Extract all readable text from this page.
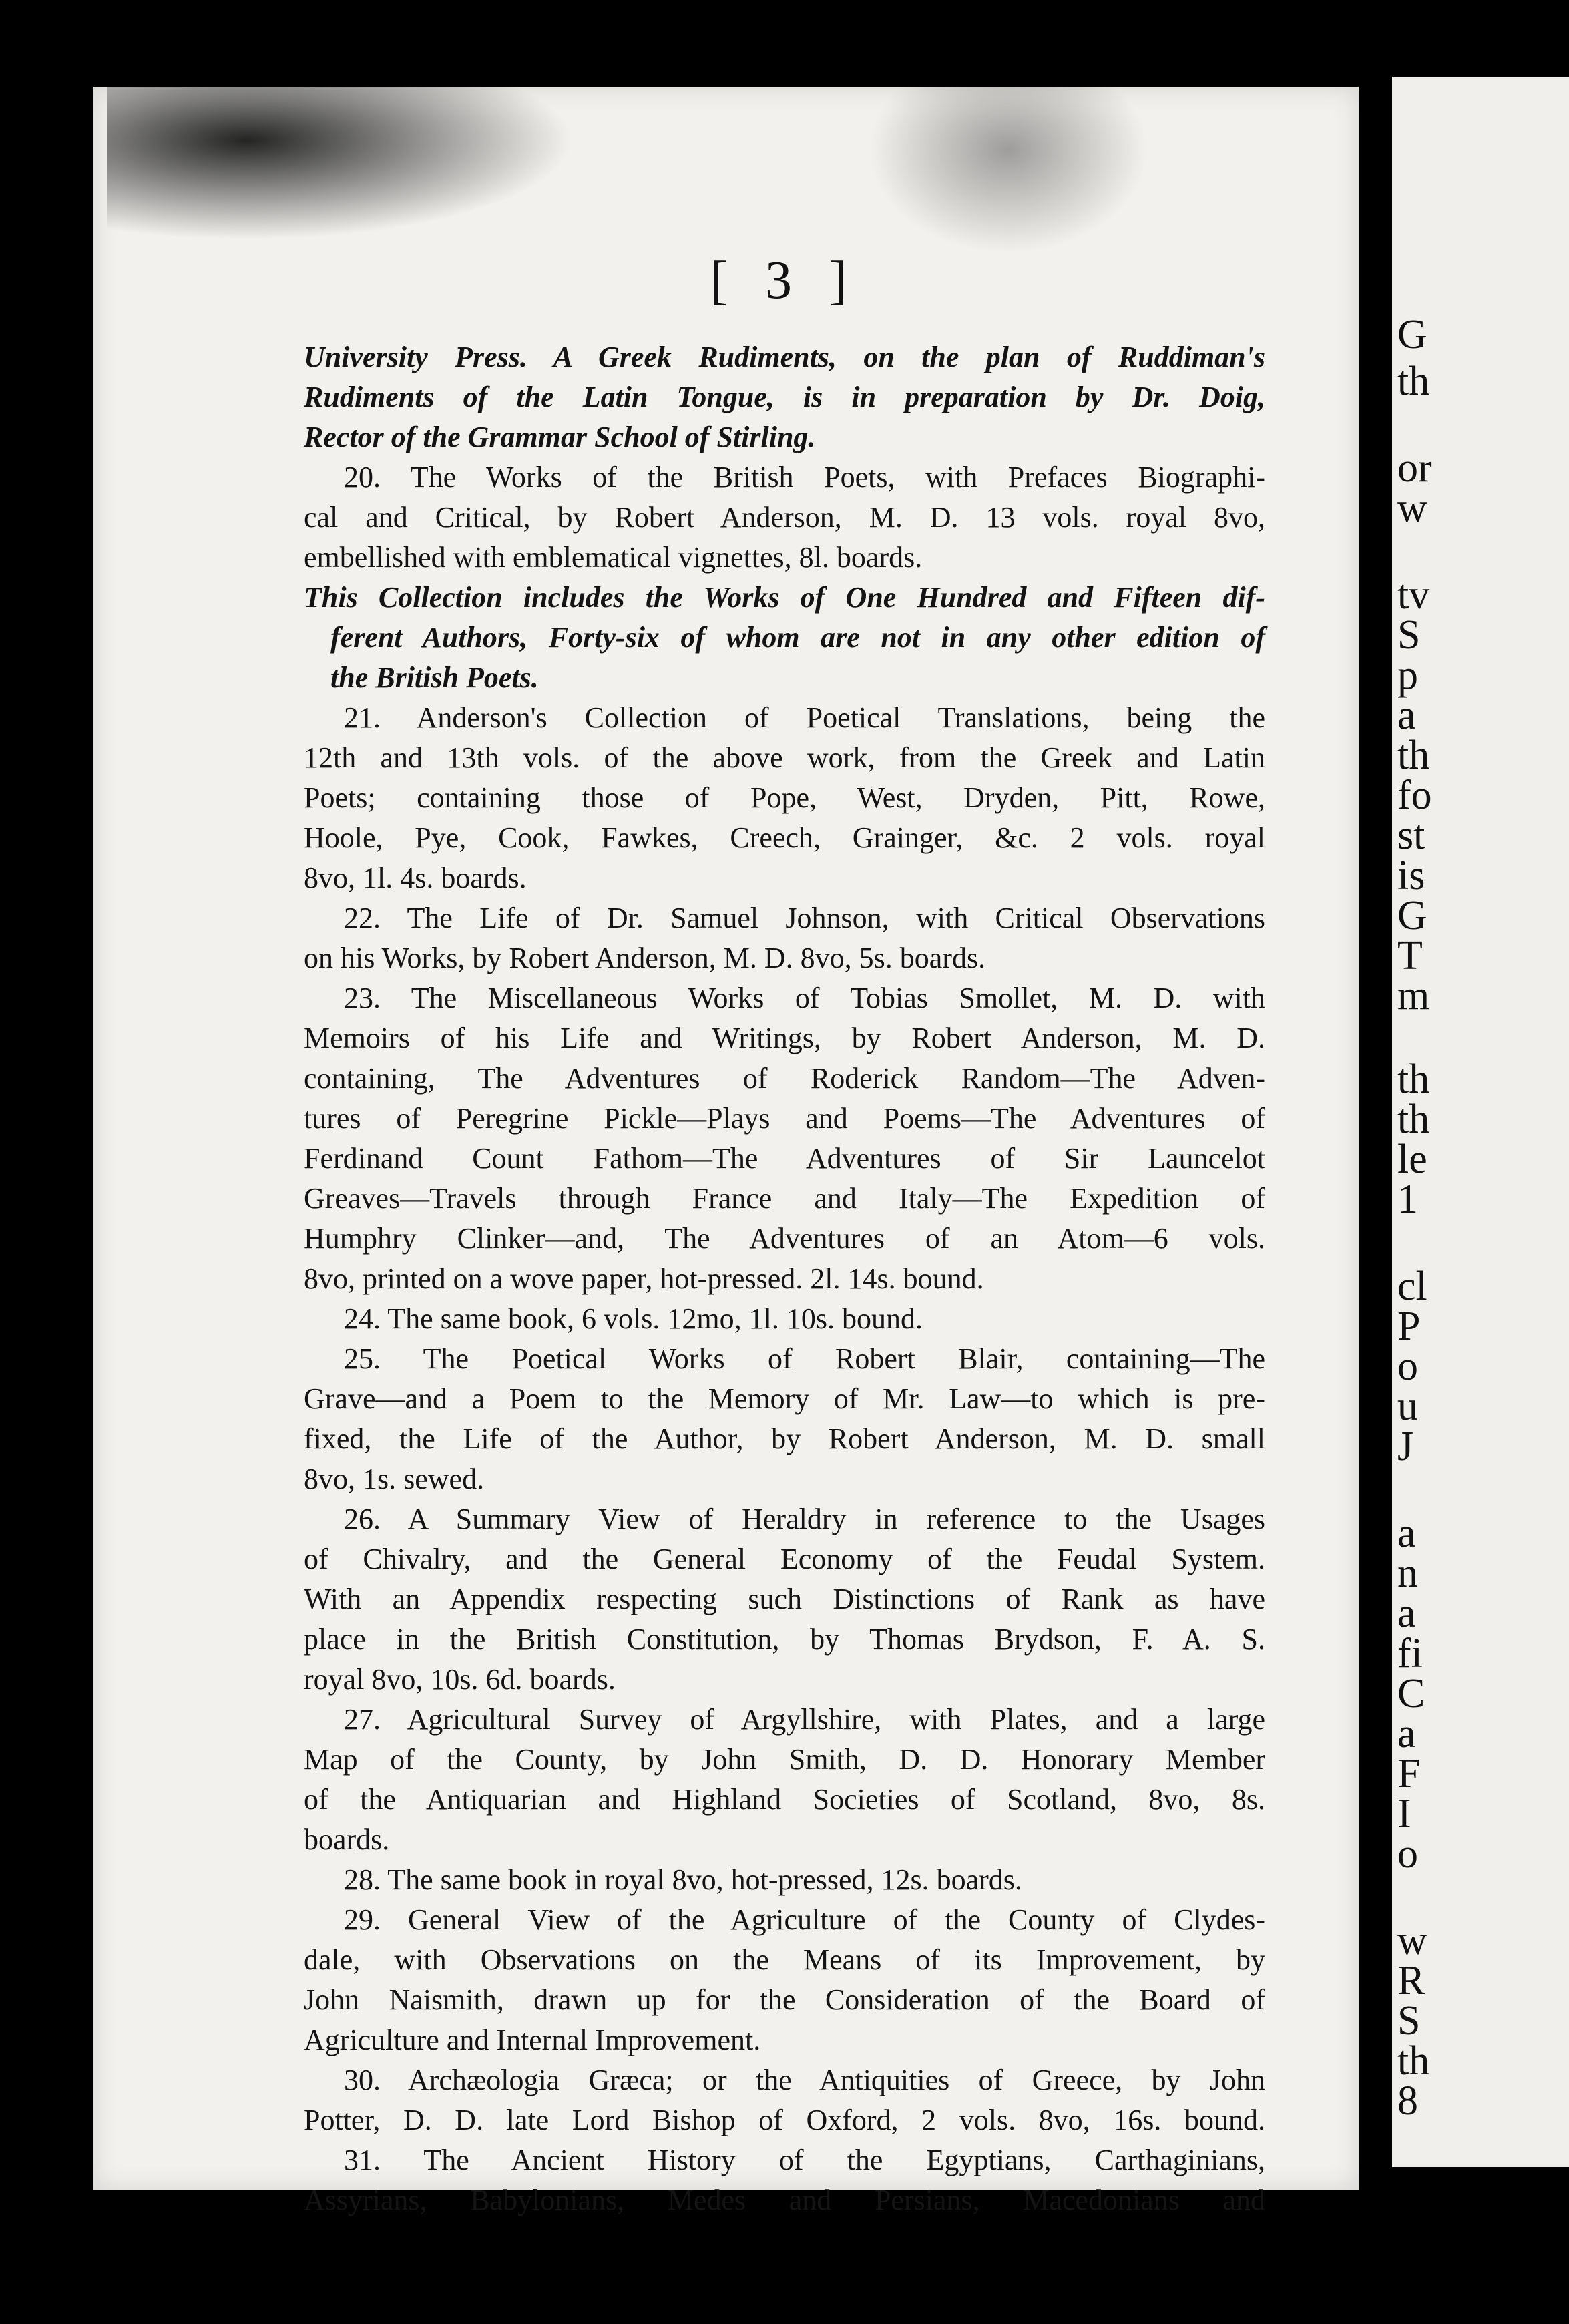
G
th
or
w
tv
S
p
a
th
fo
st
is
G
T
m
th
th
le
1
cl
P
o
u
J
a
n
a
fi
C
a
F
I
o
w
R
S
th
8
[ 3 ]
University Press. A Greek Rudiments, on the plan of Ruddiman's
Rudiments of the Latin Tongue, is in preparation by Dr. Doig,
Rector of the Grammar School of Stirling.
20. The Works of the British Poets, with Prefaces Biographi-
cal and Critical, by Robert Anderson, M. D. 13 vols. royal 8vo,
embellished with emblematical vignettes, 8l. boards.
This Collection includes the Works of One Hundred and Fifteen dif-
ferent Authors, Forty-six of whom are not in any other edition of
the British Poets.
21. Anderson's Collection of Poetical Translations, being the
12th and 13th vols. of the above work, from the Greek and Latin
Poets; containing those of Pope, West, Dryden, Pitt, Rowe,
Hoole, Pye, Cook, Fawkes, Creech, Grainger, &c. 2 vols. royal
8vo, 1l. 4s. boards.
22. The Life of Dr. Samuel Johnson, with Critical Observations
on his Works, by Robert Anderson, M. D. 8vo, 5s. boards.
23. The Miscellaneous Works of Tobias Smollet, M. D. with
Memoirs of his Life and Writings, by Robert Anderson, M. D.
containing, The Adventures of Roderick Random—The Adven-
tures of Peregrine Pickle—Plays and Poems—The Adventures of
Ferdinand Count Fathom—The Adventures of Sir Launcelot
Greaves—Travels through France and Italy—The Expedition of
Humphry Clinker—and, The Adventures of an Atom—6 vols.
8vo, printed on a wove paper, hot-pressed. 2l. 14s. bound.
24. The same book, 6 vols. 12mo, 1l. 10s. bound.
25. The Poetical Works of Robert Blair, containing—The
Grave—and a Poem to the Memory of Mr. Law—to which is pre-
fixed, the Life of the Author, by Robert Anderson, M. D. small
8vo, 1s. sewed.
26. A Summary View of Heraldry in reference to the Usages
of Chivalry, and the General Economy of the Feudal System.
With an Appendix respecting such Distinctions of Rank as have
place in the British Constitution, by Thomas Brydson, F. A. S.
royal 8vo, 10s. 6d. boards.
27. Agricultural Survey of Argyllshire, with Plates, and a large
Map of the County, by John Smith, D. D. Honorary Member
of the Antiquarian and Highland Societies of Scotland, 8vo, 8s.
boards.
28. The same book in royal 8vo, hot-pressed, 12s. boards.
29. General View of the Agriculture of the County of Clydes-
dale, with Observations on the Means of its Improvement, by
John Naismith, drawn up for the Consideration of the Board of
Agriculture and Internal Improvement.
30. Archæologia Græca; or the Antiquities of Greece, by John
Potter, D. D. late Lord Bishop of Oxford, 2 vols. 8vo, 16s. bound.
31. The Ancient History of the Egyptians, Carthaginians,
Assyrians, Babylonians, Medes and Persians, Macedonians and
